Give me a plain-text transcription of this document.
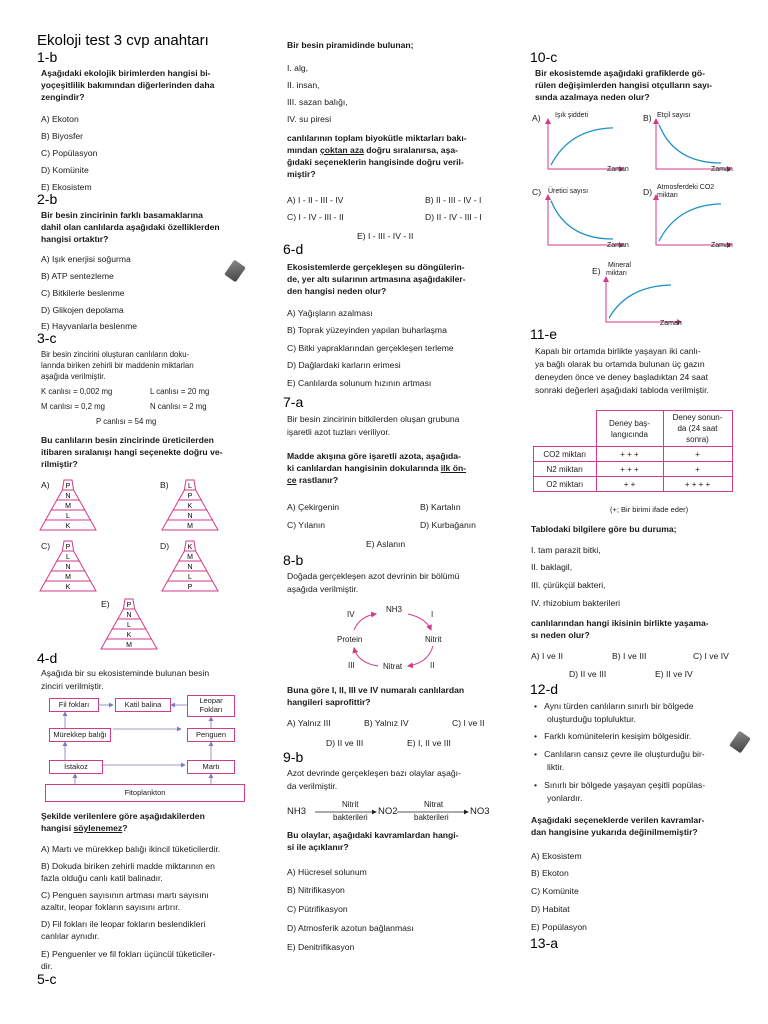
Ekoloji test 3 cvp anahtarı
1-b
Aşağıdaki ekolojik birimlerden hangisi bi-
yoçeşitlilik bakımından diğerlerinden daha
zengindir?
A) Ekoton
B) Biyosfer
C) Popülasyon
D) Komünite
E) Ekosistem
2-b
Bir besin zincirinin farklı basamaklarına
dahil olan canlılarda aşağıdaki özelliklerden
hangisi ortaktır?
A) Işık enerjisi soğurma
B) ATP sentezleme
C) Bitkilerle beslenme
D) Glikojen depolama
E) Hayvanlarla beslenme
3-c
Bir besin zincirini oluşturan canlıların doku-
larında biriken zehirli bir maddenin miktarları
aşağıda verilmiştir.
K canlısı = 0,002 mg	L canlısı = 20 mg
M canlısı = 0,2 mg	N canlısı = 2 mg
P canlısı = 54 mg
Bu canlıların besin zincirinde üreticilerden
itibaren sıralanışı hangi seçenekte doğru ve-
rilmiştir?
A) P
N
M
L
K
B)	L
P
K
N
M
C) P
L
N
M
K
D)	K
M
N
L
P
E) P
N
L
K
M
4-d
Aşağıda bir su ekosisteminde bulunan besin
zinciri verilmiştir.
Fil fokları	Katil balina	Leopar
Fokları
Mürekkep balığı	Penguen
İstakoz	Martı
Fitoplankton
Şekilde verilenlere göre aşağıdakilerden
hangisi söylenemez?
A) Martı ve mürekkep balığı ikincil tüketicilerdir.
B) Dokuda biriken zehirli madde miktarının en
fazla olduğu canlı katil balinadır.
C) Penguen sayısının artması martı sayısını
azaltır, leopar fokların sayısını artırır.
D) Fil fokları ile leopar fokların beslendikleri
canlılar aynıdır.
E) Penguenler ve fil fokları üçüncül tüketiciler-
dir.
5-c
Bir besin piramidinde bulunan;
I. alg,
II. insan,
III. sazan balığı,
IV. su piresi
canlılarının toplam biyokütle miktarları bakı-
mından çoktan aza doğru sıralanırsa, aşa-
ğıdaki seçeneklerin hangisinde doğru veril-
miştir?
A) I - II - III - IV	B) II - III - IV - I
C) I - IV - III - II	D) II - IV - III - I
E) I - III - IV - II
6-d
Ekosistemlerde gerçekleşen su döngülerin-
de, yer altı sularının artmasına aşağıdakiler-
den hangisi neden olur?
A) Yağışların azalması
B) Toprak yüzeyinden yapılan buharlaşma
C) Bitki yapraklarından gerçekleşen terleme
D) Dağlardaki karların erimesi
E) Canlılarda solunum hızının artması
7-a
Bir besin zincirinin bitkilerden oluşan grubuna
işaretli azot tuzları veriliyor.
Madde akışına göre işaretli azota, aşağıda-
ki canlılardan hangisinin dokularında ilk ön-
ce rastlanır?
A) Çekirgenin	B) Kartalın
C) Yılanın	D) Kurbağanın
E) Aslanın
8-b
Doğada gerçekleşen azot devrinin bir bölümü
aşağıda verilmiştir.
NH3
Protein	Nitrit
Nitrat
I
II
III
IV
Buna göre I, II, III ve IV numaralı canlılardan
hangileri saprofittir?
A) Yalnız III	B) Yalnız IV	C) I ve II
D) II ve III	E) I, II ve III
9-b
Azot devrinde gerçekleşen bazı olaylar aşağı-
da verilmiştir.
NH3
Nitrit
bakterileri
NO2
Nitrat
bakterileri
NO3
Bu olaylar, aşağıdaki kavramlardan hangi-
si ile açıklanır?
A) Hücresel solunum
B) Nitrifikasyon
C) Pütrifikasyon
D) Atmosferik azotun bağlanması
E) Denitrifikasyon
10-c
Bir ekosistemde aşağıdaki grafiklerde gö-
rülen değişimlerden hangisi otçulların sayı-
sında azalmaya neden olur?
A) Işık şiddeti
Zaman
B) Etçil sayısı
Zaman
C) Üretici sayısı
Zaman
D) Atmosferdeki CO2
miktarı
Zaman
E)
Mineral
miktarı
Zaman
11-e
Kapalı bir ortamda birlikte yaşayan iki canlı-
ya bağlı olarak bu ortamda bulunan üç gazın
deneyden önce ve deney başladıktan 24 saat
sonraki değerleri aşağıdaki tabloda verilmiştir.
	Deney baş-
langıcında	Deney sonun-
da (24 saat
sonra)
CO2 miktarı	+ + +	+
N2 miktarı	+ + +	+
O2 miktarı	+ +	+ + + +
(+; Bir birimi ifade eder)
Tablodaki bilgilere göre bu duruma;
I. tam parazit bitki,
II. baklagil,
III. çürükçül bakteri,
IV. rhizobium bakterileri
canlılarından hangi ikisinin birlikte yaşama-
sı neden olur?
A) I ve II	B) I ve III	C) I ve IV
D) II ve III	E) II ve IV
12-d
•   Aynı türden canlıların sınırlı bir bölgede
oluşturduğu topluluktur.
•   Farklı komünitelerin kesişim bölgesidir.
•   Canlıların cansız çevre ile oluşturduğu bir-
liktir.
•   Sınırlı bir bölgede yaşayan çeşitli popülas-
yonlardır.
Aşağıdaki seçeneklerde verilen kavramlar-
dan hangisine yukarıda değinilmemiştir?
A) Ekosistem
B) Ekoton
C) Komünite
D) Habitat
E) Popülasyon
13-a
